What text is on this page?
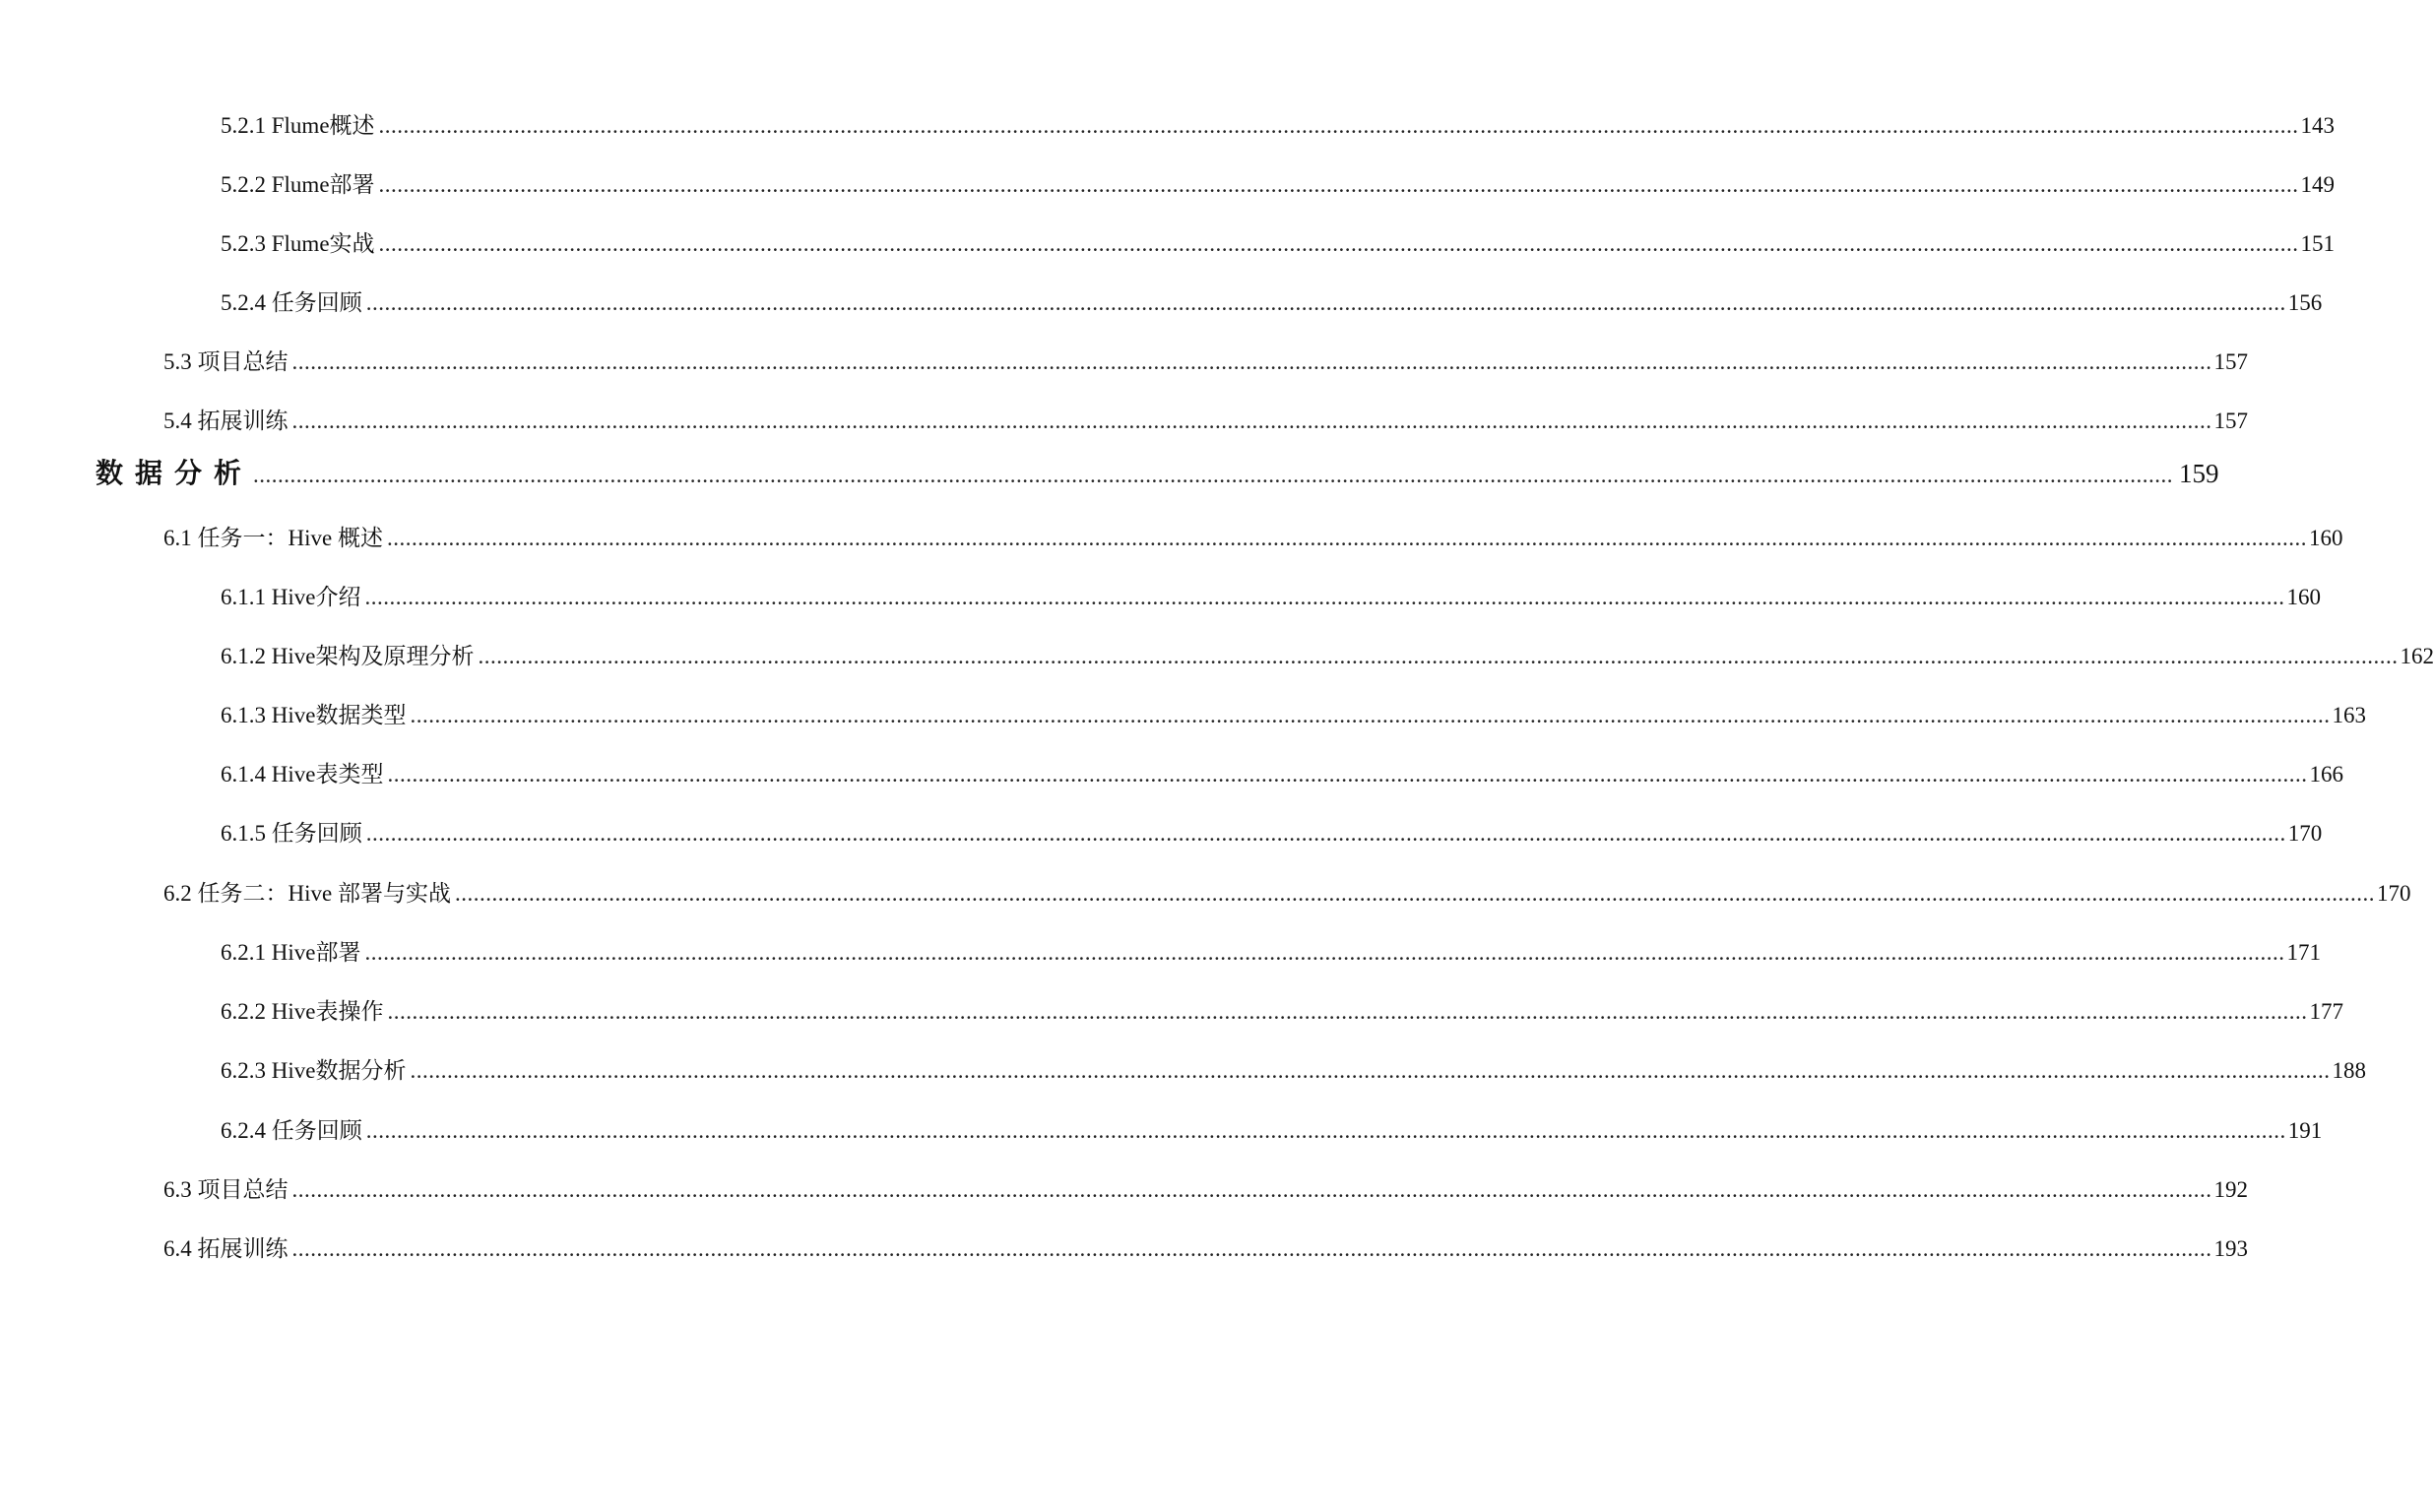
5.2.1 Flume概述 ........................................................................................................................................................................................................................................................................................................................ 143
5.2.2 Flume部署 ........................................................................................................................................................................................................................................................................................................................ 149
5.2.3 Flume实战 ........................................................................................................................................................................................................................................................................................................................ 151
5.2.4 任务回顾 ........................................................................................................................................................................................................................................................................................................................ 156
5.3 项目总结 ........................................................................................................................................................................................................................................................................................................................ 157
5.4 拓展训练 ........................................................................................................................................................................................................................................................................................................................ 157
数据分析 ........................................................................................................................................................................................................................................................................................................................ 159
6.1 任务一：Hive 概述 ........................................................................................................................................................................................................................................................................................................................ 160
6.1.1 Hive介绍 ........................................................................................................................................................................................................................................................................................................................ 160
6.1.2 Hive架构及原理分析 ........................................................................................................................................................................................................................................................................................................................ 162
6.1.3 Hive数据类型 ........................................................................................................................................................................................................................................................................................................................ 163
6.1.4 Hive表类型 ........................................................................................................................................................................................................................................................................................................................ 166
6.1.5 任务回顾 ........................................................................................................................................................................................................................................................................................................................ 170
6.2 任务二：Hive 部署与实战 ........................................................................................................................................................................................................................................................................................................................ 170
6.2.1 Hive部署 ........................................................................................................................................................................................................................................................................................................................ 171
6.2.2 Hive表操作 ........................................................................................................................................................................................................................................................................................................................ 177
6.2.3 Hive数据分析 ........................................................................................................................................................................................................................................................................................................................ 188
6.2.4 任务回顾 ........................................................................................................................................................................................................................................................................................................................ 191
6.3 项目总结 ........................................................................................................................................................................................................................................................................................................................ 192
6.4 拓展训练 ........................................................................................................................................................................................................................................................................................................................ 193
